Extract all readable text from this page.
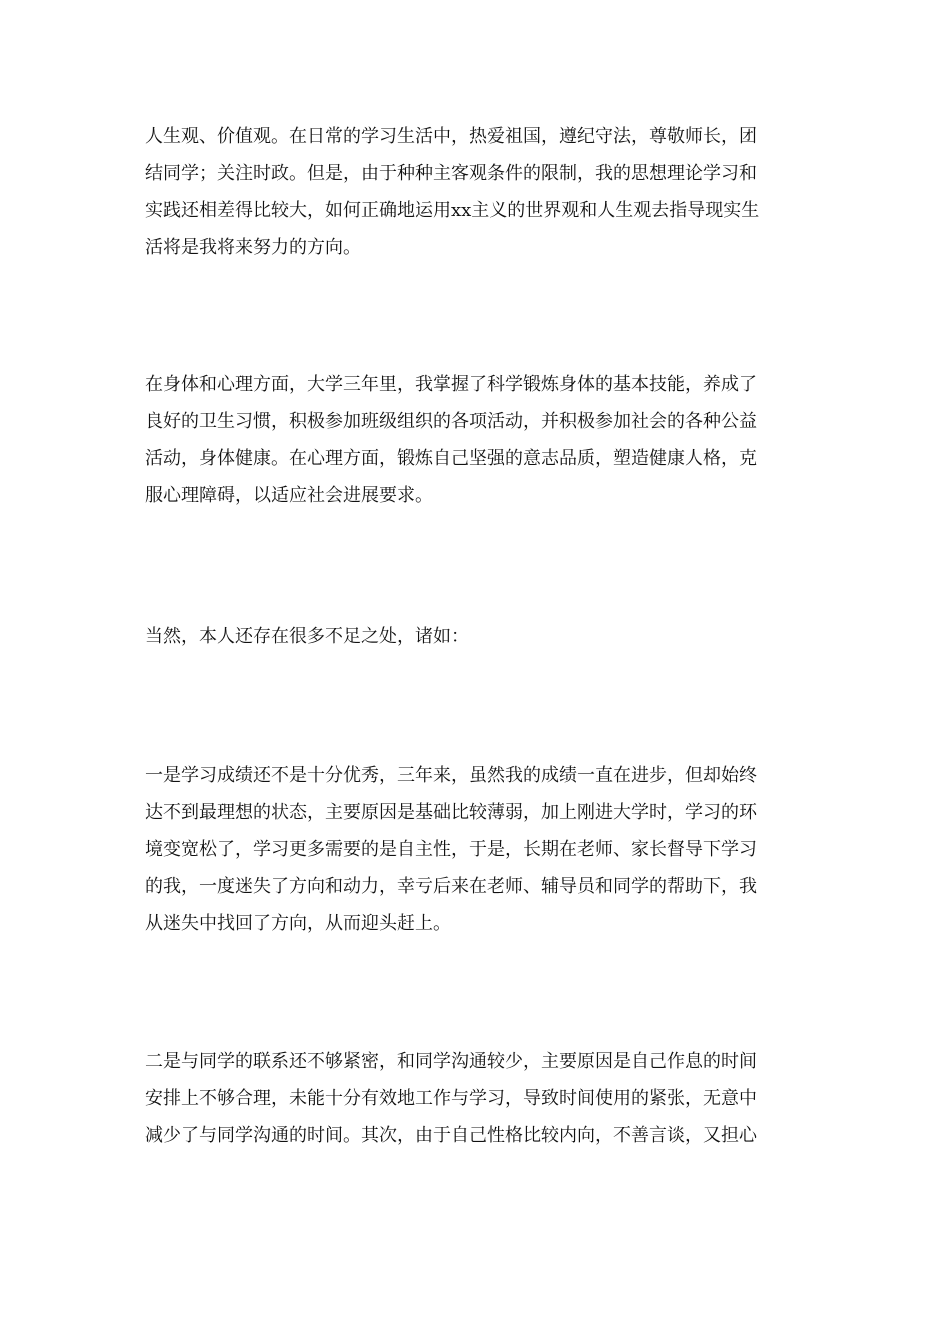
人生观、价值观。在日常的学习生活中，热爱祖国，遵纪守法，尊敬师长，团
结同学；关注时政。但是，由于种种主客观条件的限制，我的思想理论学习和
实践还相差得比较大，如何正确地运用xx主义的世界观和人生观去指导现实生
活将是我将来努力的方向。

在身体和心理方面，大学三年里，我掌握了科学锻炼身体的基本技能，养成了
良好的卫生习惯，积极参加班级组织的各项活动，并积极参加社会的各种公益
活动，身体健康。在心理方面，锻炼自己坚强的意志品质，塑造健康人格，克
服心理障碍，以适应社会进展要求。

当然，本人还存在很多不足之处，诸如：

一是学习成绩还不是十分优秀，三年来，虽然我的成绩一直在进步，但却始终
达不到最理想的状态，主要原因是基础比较薄弱，加上刚进大学时，学习的环
境变宽松了，学习更多需要的是自主性，于是，长期在老师、家长督导下学习
的我，一度迷失了方向和动力，幸亏后来在老师、辅导员和同学的帮助下，我
从迷失中找回了方向，从而迎头赶上。

二是与同学的联系还不够紧密，和同学沟通较少，主要原因是自己作息的时间
安排上不够合理，未能十分有效地工作与学习，导致时间使用的紧张，无意中
减少了与同学沟通的时间。其次，由于自己性格比较内向，不善言谈，又担心
